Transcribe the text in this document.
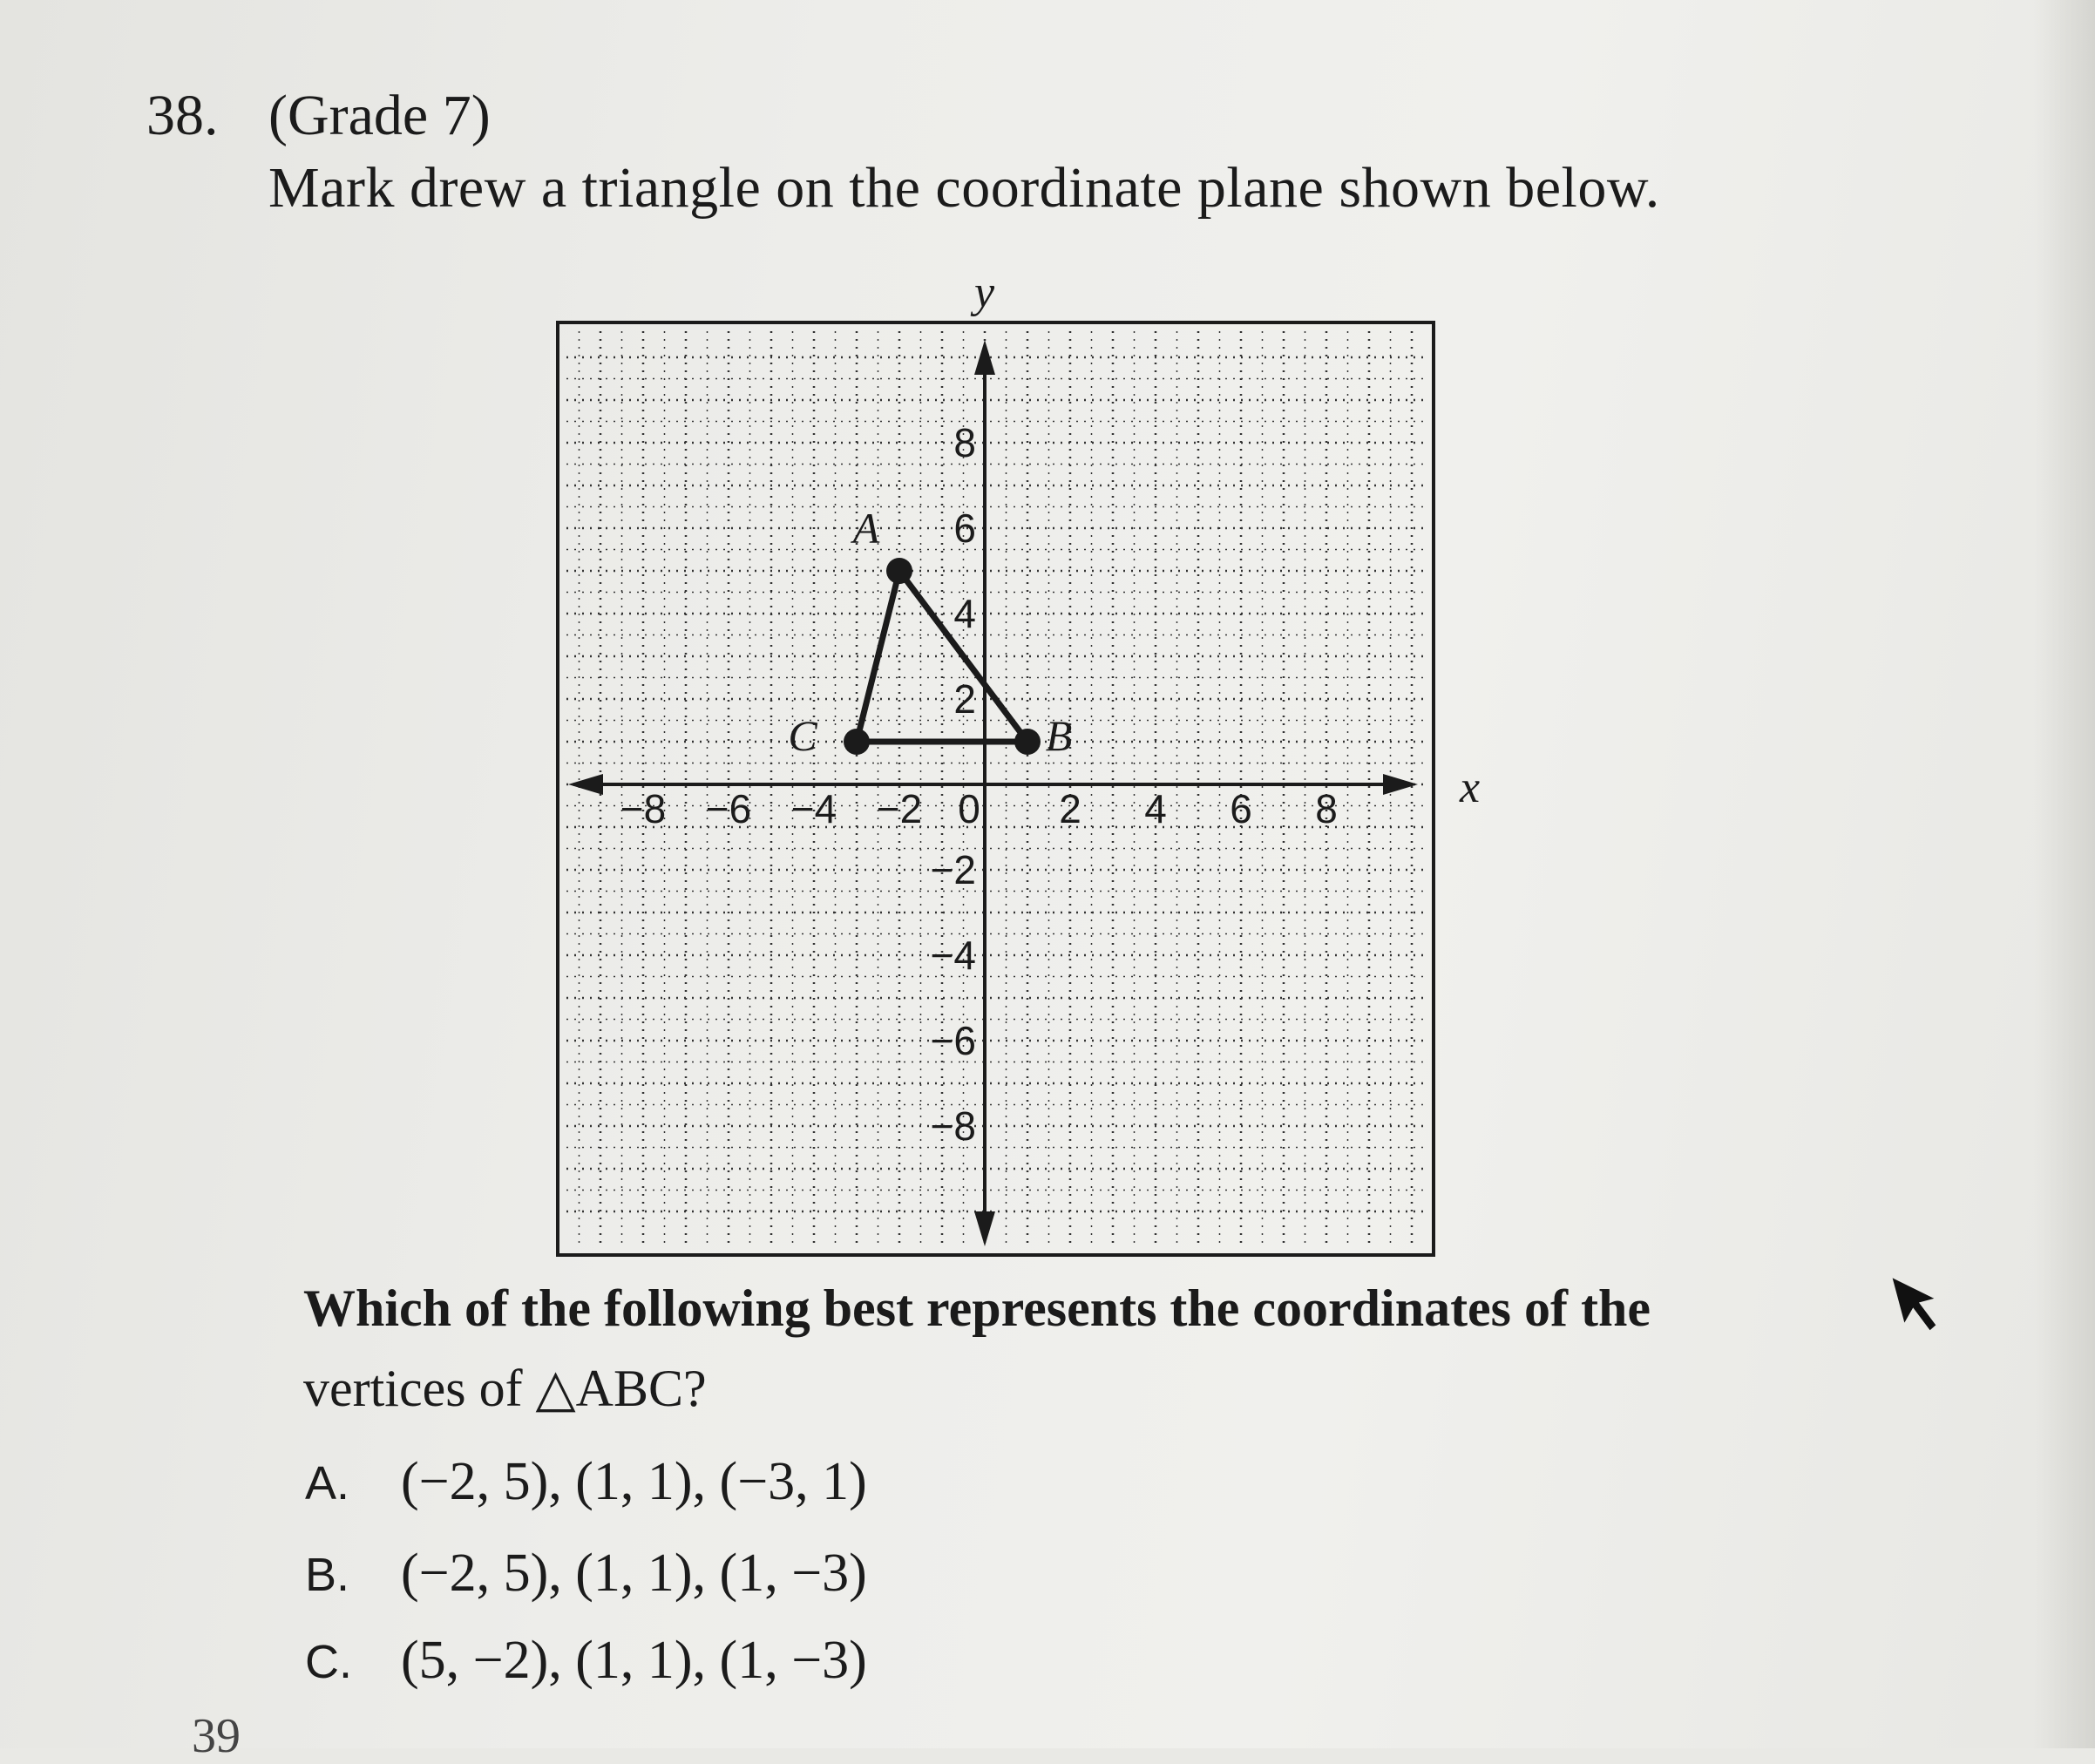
38. (Grade 7)
Mark drew a triangle on the coordinate plane shown below.
x
y
−8 −6 −4 −2 0 2 4 6 8
8
6
4
2
−2
−4
−6
−8
A
B
C
Which of the following best represents the coordinates of the
vertices of △ABC?
A. (−2, 5), (1, 1), (−3, 1)
B. (−2, 5), (1, 1), (1, −3)
C. (5, −2), (1, 1), (1, −3)
39
